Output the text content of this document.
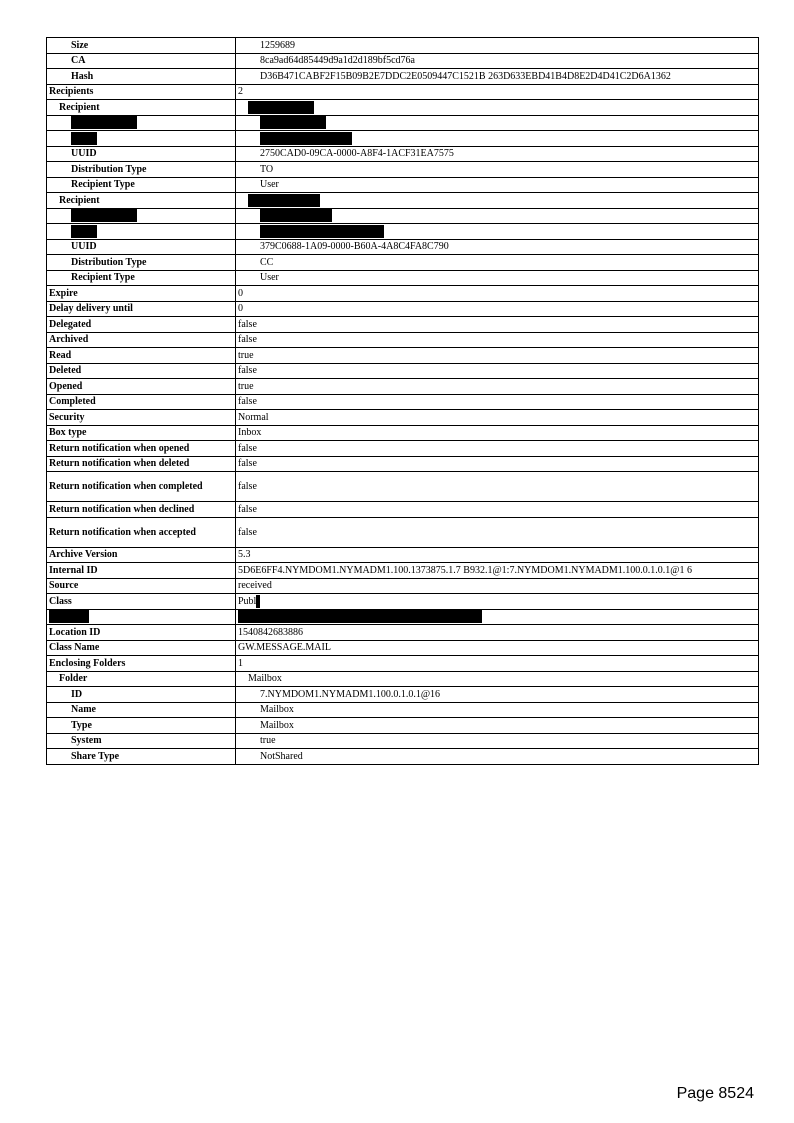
Size	1259689
CA	8ca9ad64d85449d9a1d2d189bf5cd76a
Hash	D36B471CABF2F15B09B2E7DDC2E0509447C1521B 263D633EBD41B4D8E2D4D41C2D6A1362
Recipients	2
Recipient	

UUID	2750CAD0-09CA-0000-A8F4-1ACF31EA7575
Distribution Type	TO
Recipient Type	User
Recipient	

UUID	379C0688-1A09-0000-B60A-4A8C4FA8C790
Distribution Type	CC
Recipient Type	User
Expire	0
Delay delivery until	0
Delegated	false
Archived	false
Read	true
Deleted	false
Opened	true
Completed	false
Security	Normal
Box type	Inbox
Return notification when opened	false
Return notification when deleted	false
Return notification when completed	false
Return notification when declined	false
Return notification when accepted	false
Archive Version	5.3
Internal ID	5D6E6FF4.NYMDOM1.NYMADM1.100.1373875.1.7 B932.1@1:7.NYMDOM1.NYMADM1.100.0.1.0.1@1 6
Source	received
Class	Publ

Location ID	1540842683886
Class Name	GW.MESSAGE.MAIL
Enclosing Folders	1
Folder	Mailbox
ID	7.NYMDOM1.NYMADM1.100.0.1.0.1@16
Name	Mailbox
Type	Mailbox
System	true
Share Type	NotShared
Page 8524
